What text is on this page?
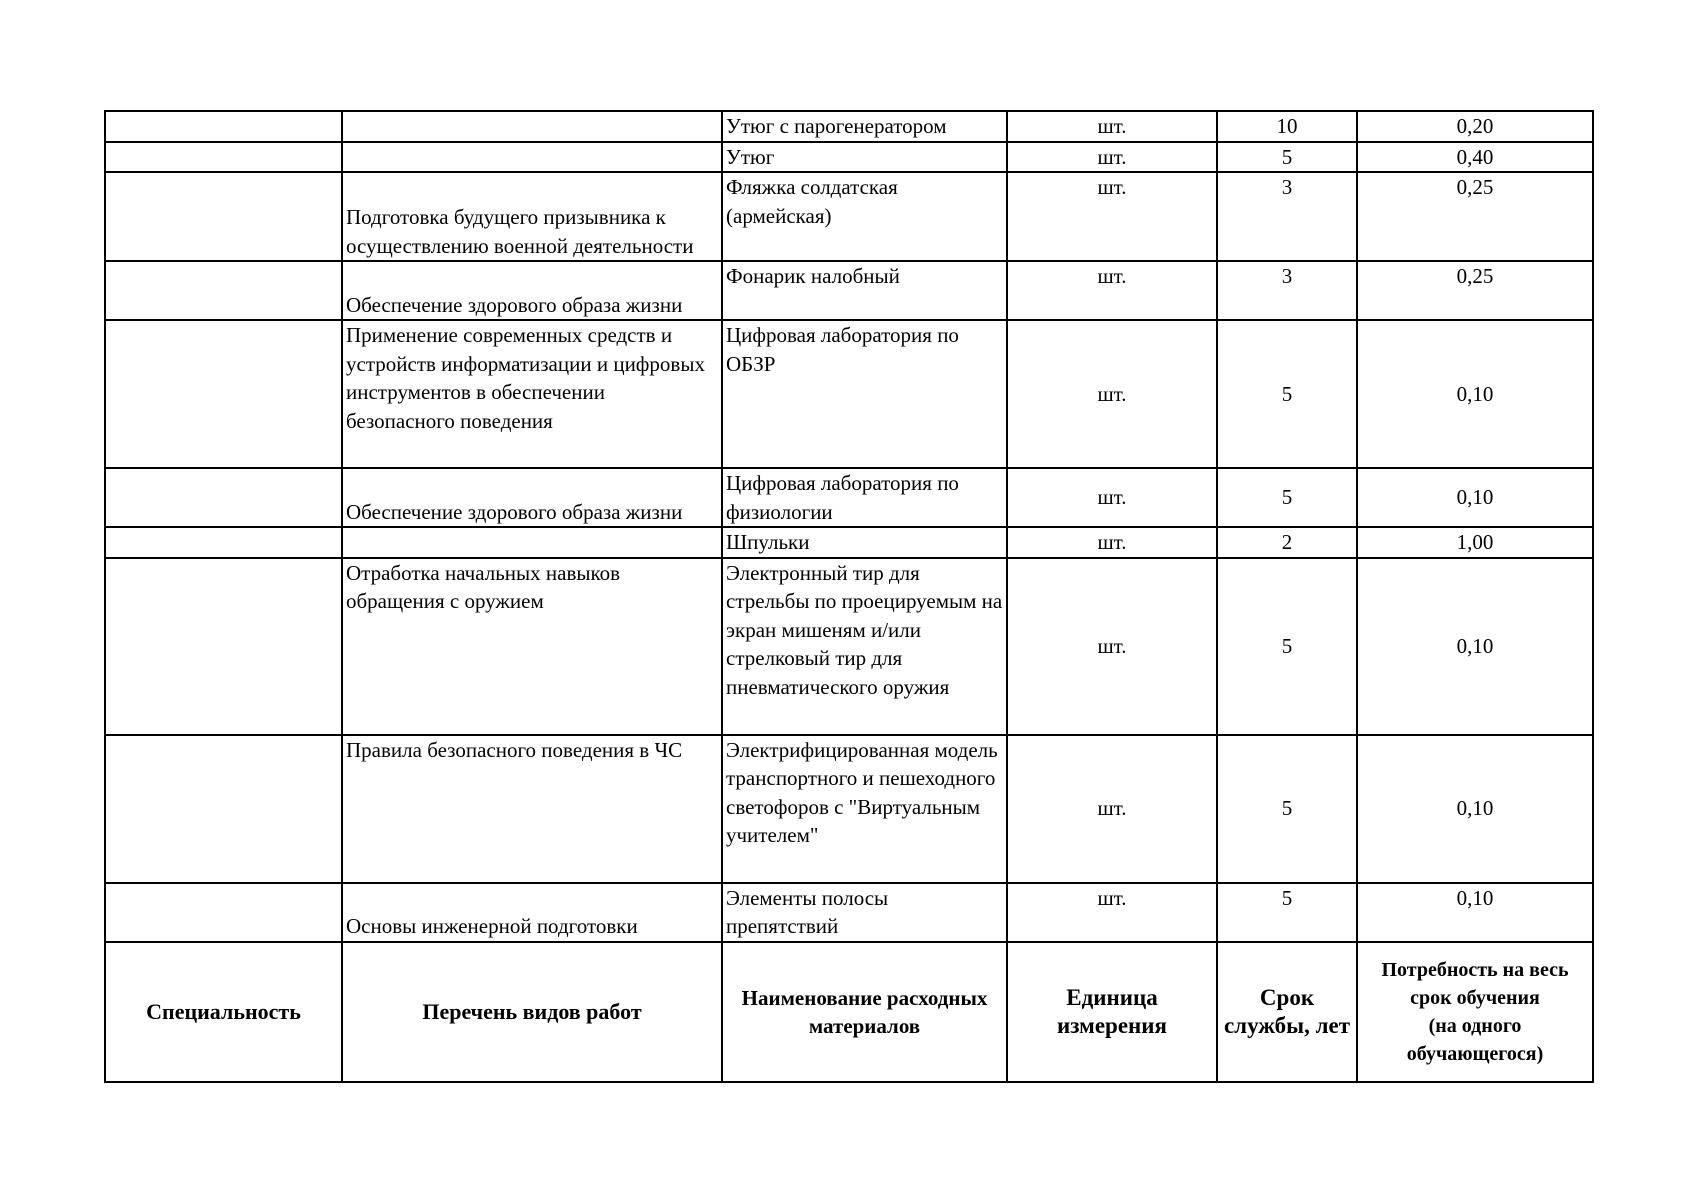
		Утюг с парогенератором	шт.	10	0,20
		Утюг	шт.	5	0,40
	Подготовка будущего призывника к осуществлению военной деятельности	Фляжка солдатская (армейская)	шт.	3	0,25
	Обеспечение здорового образа жизни	Фонарик налобный	шт.	3	0,25
	Применение современных средств и устройств информатизации и цифровых инструментов в обеспечении безопасного поведения	Цифровая лаборатория по ОБЗР	шт.	5	0,10
	Обеспечение здорового образа жизни	Цифровая лаборатория по физиологии	шт.	5	0,10
		Шпульки	шт.	2	1,00
	Отработка начальных навыков обращения с оружием	Электронный тир для стрельбы по проецируемым на экран мишеням и/или стрелковый тир для пневматического оружия	шт.	5	0,10
	Правила безопасного поведения в ЧС	Электрифицированная модель транспортного и пешеходного светофоров с "Виртуальным учителем"	шт.	5	0,10
	Основы инженерной подготовки	Элементы полосы препятствий	шт.	5	0,10
Специальность	Перечень видов работ	Наименование расходных материалов	Единица измерения	Срок службы, лет	Потребность на весь срок обучения
(на одного обучающегося)
